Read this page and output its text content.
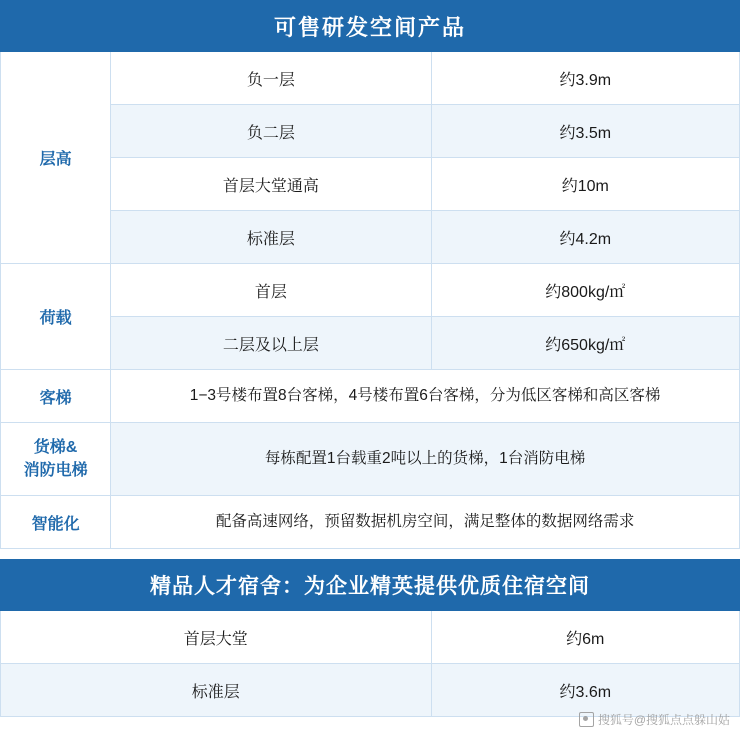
可售研发空间产品		
层高	负一层	约3.9m
	负二层	约3.5m
	首层大堂通高	约10m
	标准层	约4.2m
荷载	首层	约800kg/㎡
	二层及以上层	约650kg/㎡
客梯	1−3号楼布置8台客梯，4号楼布置6台客梯，分为低区客梯和高区客梯	

货梯&
消防电梯	每栋配置1台载重2吨以上的货梯，1台消防电梯	
智能化	配备高速网络，预留数据机房空间，满足整体的数据网络需求	

精品人才宿舍：为企业精英提供优质住宿空间		
首层大堂		约6m
标准层		约3.6m
搜狐号@搜狐点点躲山姑
